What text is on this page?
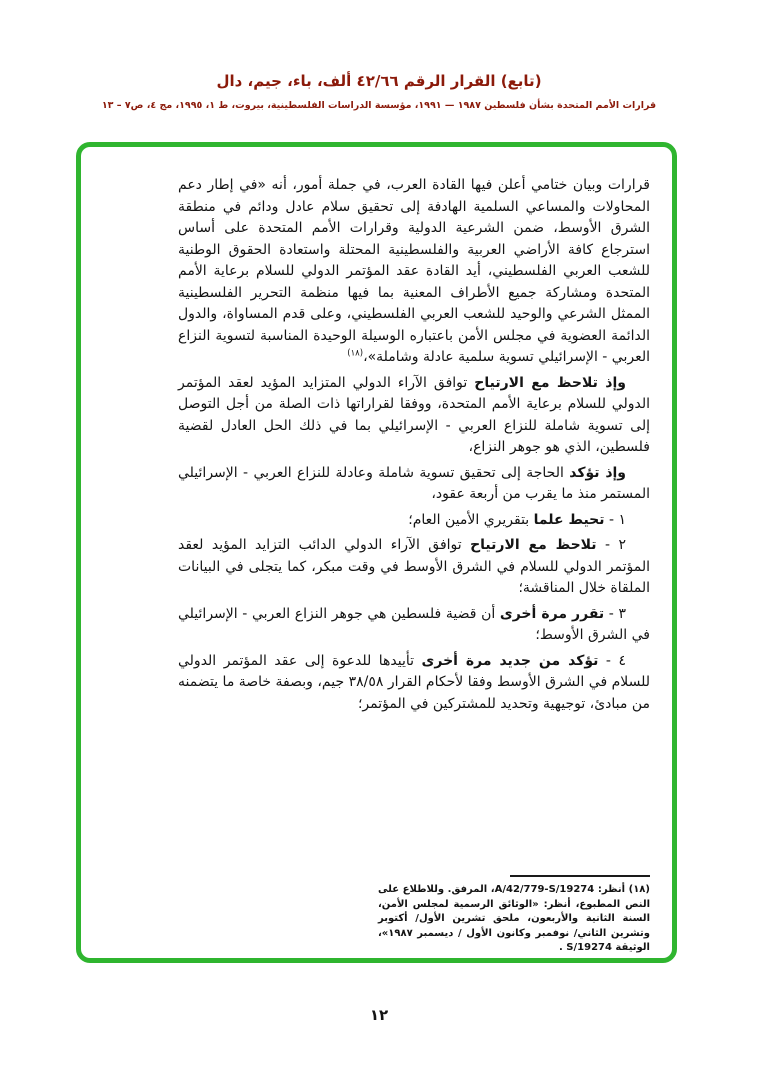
(تابع) القرار الرقم ٤٢/٦٦ ألف، باء، جيم، دال
قرارات الأمم المتحدة بشأن فلسطين ١٩٨٧ — ١٩٩١، مؤسسة الدراسات الفلسطينية، بيروت، ط ١، ١٩٩٥، مج ٤، ص٧ – ١٣

قرارات وبيان ختامي أعلن فيها القادة العرب، في جملة أمور، أنه «في إطار دعم المحاولات والمساعي السلمية الهادفة إلى تحقيق سلام عادل ودائم في منطقة الشرق الأوسط، ضمن الشرعية الدولية وقرارات الأمم المتحدة على أساس استرجاع كافة الأراضي العربية والفلسطينية المحتلة واستعادة الحقوق الوطنية للشعب العربي الفلسطيني، أيد القادة عقد المؤتمر الدولي للسلام برعاية الأمم المتحدة ومشاركة جميع الأطراف المعنية بما فيها منظمة التحرير الفلسطينية الممثل الشرعي والوحيد للشعب العربي الفلسطيني، وعلى قدم المساواة، والدول الدائمة العضوية في مجلس الأمن باعتباره الوسيلة الوحيدة المناسبة لتسوية النزاع العربي - الإسرائيلي تسوية سلمية عادلة وشاملة»،$^{(١٨)}$

وإذ تلاحظ مع الارتياح توافق الآراء الدولي المتزايد المؤيد لعقد المؤتمر الدولي للسلام برعاية الأمم المتحدة، ووفقا لقراراتها ذات الصلة من أجل التوصل إلى تسوية شاملة للنزاع العربي - الإسرائيلي بما في ذلك الحل العادل لقضية فلسطين، الذي هو جوهر النزاع،

وإذ تؤكد الحاجة إلى تحقيق تسوية شاملة وعادلة للنزاع العربي - الإسرائيلي المستمر منذ ما يقرب من أربعة عقود،

١ - تحيط علما بتقريري الأمين العام؛

٢ - تلاحظ مع الارتياح توافق الآراء الدولي الدائب التزايد المؤيد لعقد المؤتمر الدولي للسلام في الشرق الأوسط في وقت مبكر، كما يتجلى في البيانات الملقاة خلال المناقشة؛

٣ - تقرر مرة أخرى أن قضية فلسطين هي جوهر النزاع العربي - الإسرائيلي في الشرق الأوسط؛

٤ - تؤكد من جديد مرة أخرى تأييدها للدعوة إلى عقد المؤتمر الدولي للسلام في الشرق الأوسط وفقا لأحكام القرار ٣٨/٥٨ جيم، وبصفة خاصة ما يتضمنه من مبادئ، توجيهية وتحديد للمشتركين في المؤتمر؛

(١٨) أنظر: A/42/779-S/19274، المرفق. وللاطلاع على النص المطبوع، أنظر: «الوثائق الرسمية لمجلس الأمن، السنة الثانية والأربعون، ملحق تشرين الأول/ أكتوبر وتشرين الثاني/ نوفمبر وكانون الأول / ديسمبر ١٩٨٧»، الوثيقة S/19274 .
١٢
